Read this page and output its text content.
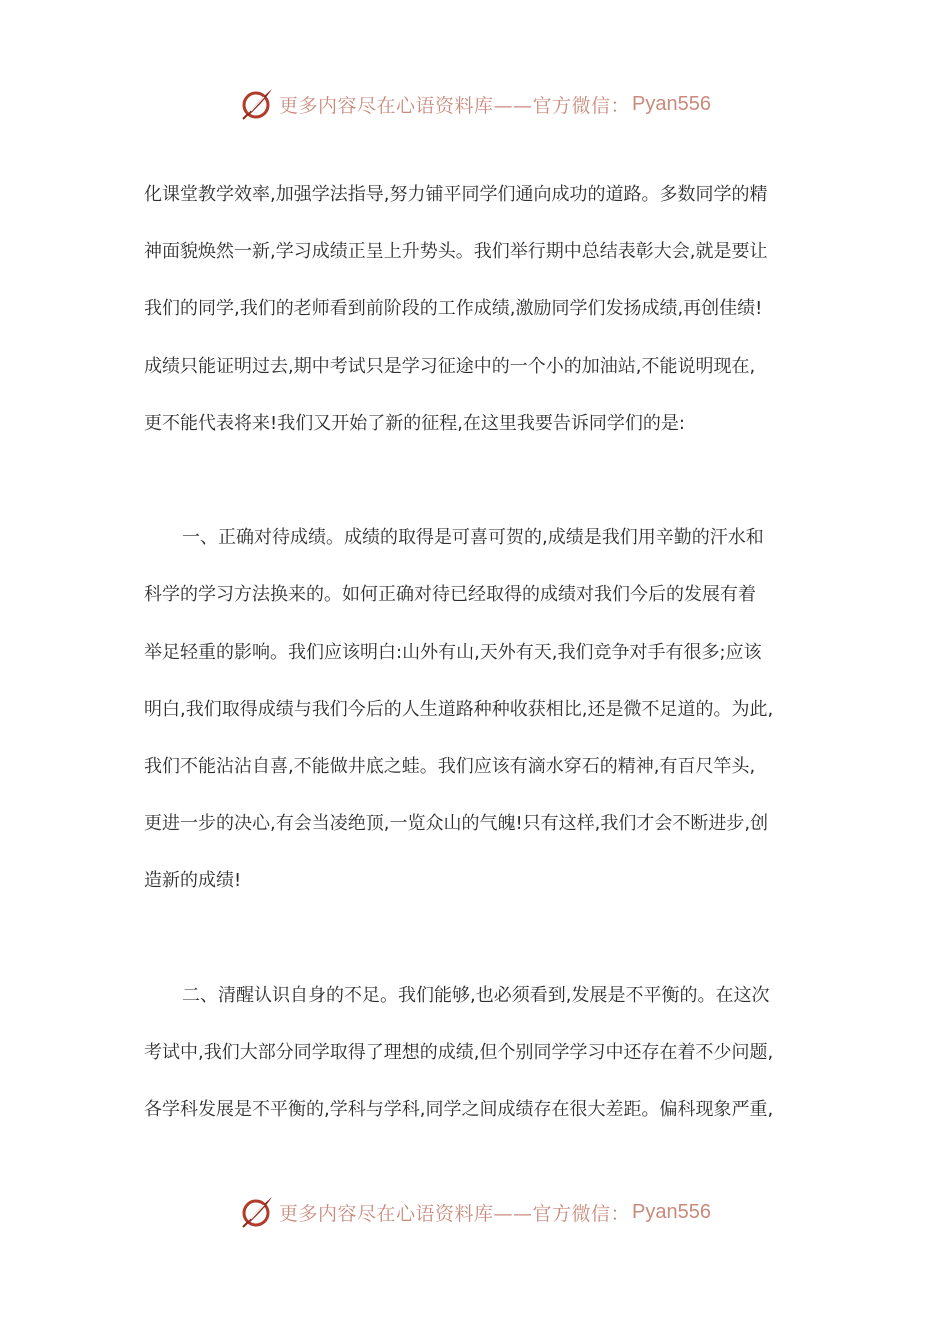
更多内容尽在心语资料库——官方微信： Pyan556
化课堂教学效率,加强学法指导,努力铺平同学们通向成功的道路。多数同学的精
神面貌焕然一新,学习成绩正呈上升势头。我们举行期中总结表彰大会,就是要让
我们的同学,我们的老师看到前阶段的工作成绩,激励同学们发扬成绩,再创佳绩!
成绩只能证明过去,期中考试只是学习征途中的一个小的加油站,不能说明现在,
更不能代表将来!我们又开始了新的征程,在这里我要告诉同学们的是:
一、正确对待成绩。成绩的取得是可喜可贺的,成绩是我们用辛勤的汗水和
科学的学习方法换来的。如何正确对待已经取得的成绩对我们今后的发展有着
举足轻重的影响。我们应该明白:山外有山,天外有天,我们竞争对手有很多;应该
明白,我们取得成绩与我们今后的人生道路种种收获相比,还是微不足道的。为此,
我们不能沾沾自喜,不能做井底之蛙。我们应该有滴水穿石的精神,有百尺竿头,
更进一步的决心,有会当凌绝顶,一览众山的气魄!只有这样,我们才会不断进步,创
造新的成绩!
二、清醒认识自身的不足。我们能够,也必须看到,发展是不平衡的。在这次
考试中,我们大部分同学取得了理想的成绩,但个别同学学习中还存在着不少问题,
各学科发展是不平衡的,学科与学科,同学之间成绩存在很大差距。偏科现象严重,
更多内容尽在心语资料库——官方微信： Pyan556
